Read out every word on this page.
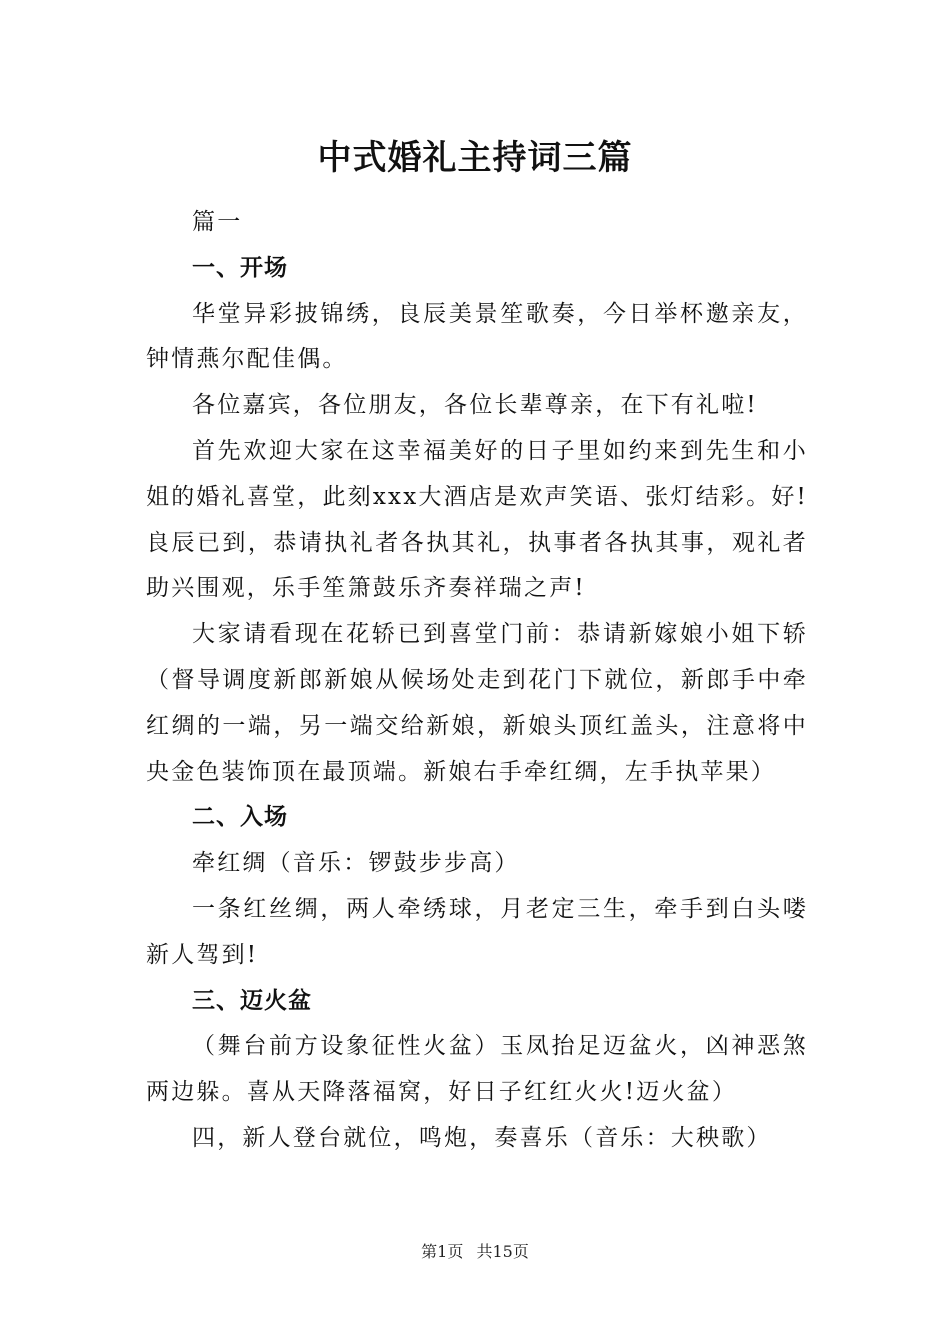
中式婚礼主持词三篇

篇一

一、开场

华堂异彩披锦绣，良辰美景笙歌奏，今日举杯邀亲友，钟情燕尔配佳偶。

各位嘉宾，各位朋友，各位长辈尊亲，在下有礼啦!

首先欢迎大家在这幸福美好的日子里如约来到先生和小姐的婚礼喜堂，此刻xxx大酒店是欢声笑语、张灯结彩。好!良辰已到，恭请执礼者各执其礼，执事者各执其事，观礼者助兴围观，乐手笙箫鼓乐齐奏祥瑞之声!

大家请看现在花轿已到喜堂门前：恭请新嫁娘小姐下轿（督导调度新郎新娘从候场处走到花门下就位，新郎手中牵红绸的一端，另一端交给新娘，新娘头顶红盖头，注意将中央金色装饰顶在最顶端。新娘右手牵红绸，左手执苹果）

二、入场

牵红绸（音乐：锣鼓步步高）

一条红丝绸，两人牵绣球，月老定三生，牵手到白头喽新人驾到!

三、迈火盆

（舞台前方设象征性火盆）玉凤抬足迈盆火，凶神恶煞两边躲。喜从天降落福窝，好日子红红火火!迈火盆）

四，新人登台就位，鸣炮，奏喜乐（音乐：大秧歌）

第1页 共15页
